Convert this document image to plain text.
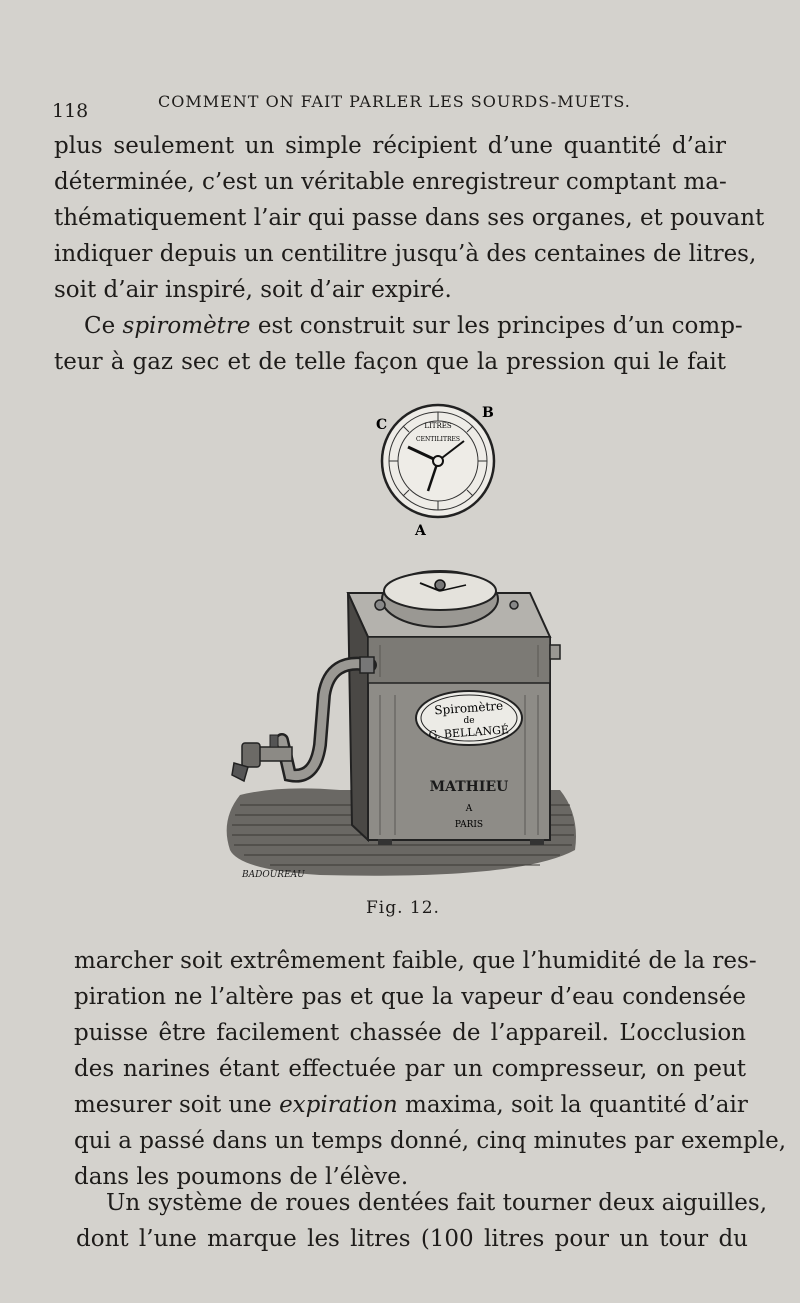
118	COMMENT ON FAIT PARLER LES SOURDS-MUETS.
plus seulement un simple récipient d’une quantité d’air
déterminée, c’est un véritable enregistreur comptant ma-
thématiquement l’air qui passe dans ses organes, et pouvant
indiquer depuis un centilitre jusqu’à des centaines de litres,
soit d’air inspiré, soit d’air expiré.
Ce spiromètre est construit sur les principes d’un comp-
teur à gaz sec et de telle façon que la pression qui le fait
LITRES
CENTILITRES
B
C
A
Spiromètre
de
G. BELLANGÉ
MATHIEU
A
PARIS
BADOUREAU
Fig. 12.
marcher soit extrêmement faible, que l’humidité de la res-
piration ne l’altère pas et que la vapeur d’eau condensée
puisse être facilement chassée de l’appareil. L’occlusion
des narines étant effectuée par un compresseur, on peut
mesurer soit une expiration maxima, soit la quantité d’air
qui a passé dans un temps donné, cinq minutes par exemple,
dans les poumons de l’élève.
Un système de roues dentées fait tourner deux aiguilles,
dont l’une marque les litres (100 litres pour un tour du
